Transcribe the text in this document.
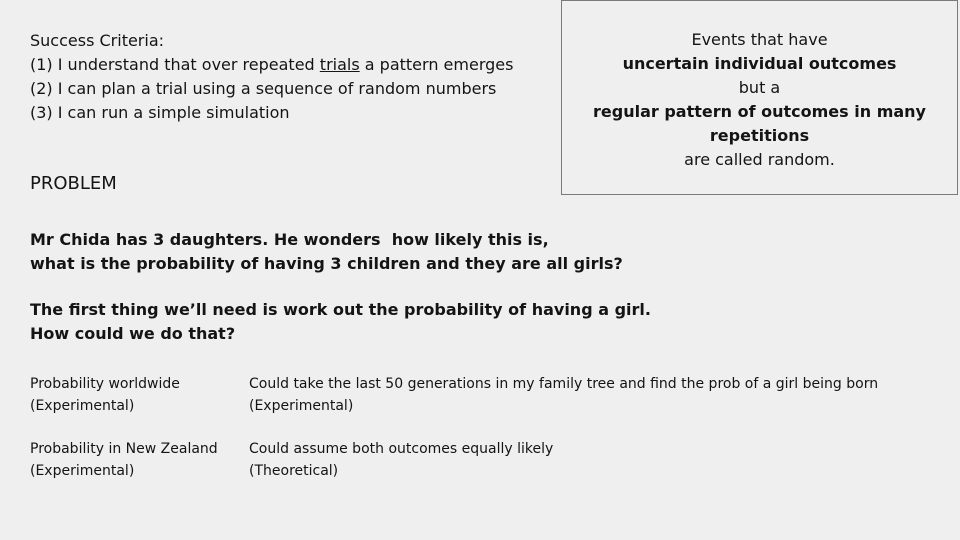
Success Criteria:
(1) I understand that over repeated trials a pattern emerges
(2) I can plan a trial using a sequence of random numbers
(3) I can run a simple simulation
Events that have
uncertain individual outcomes
but a
regular pattern of outcomes in many
repetitions
are called random.
PROBLEM
Mr Chida has 3 daughters. He wonders  how likely this is,
what is the probability of having 3 children and they are all girls?
The first thing we’ll need is work out the probability of having a girl.
How could we do that?
Probability worldwide
(Experimental)
Could take the last 50 generations in my family tree and find the prob of a girl being born
(Experimental)
Probability in New Zealand
(Experimental)
Could assume both outcomes equally likely
(Theoretical)
